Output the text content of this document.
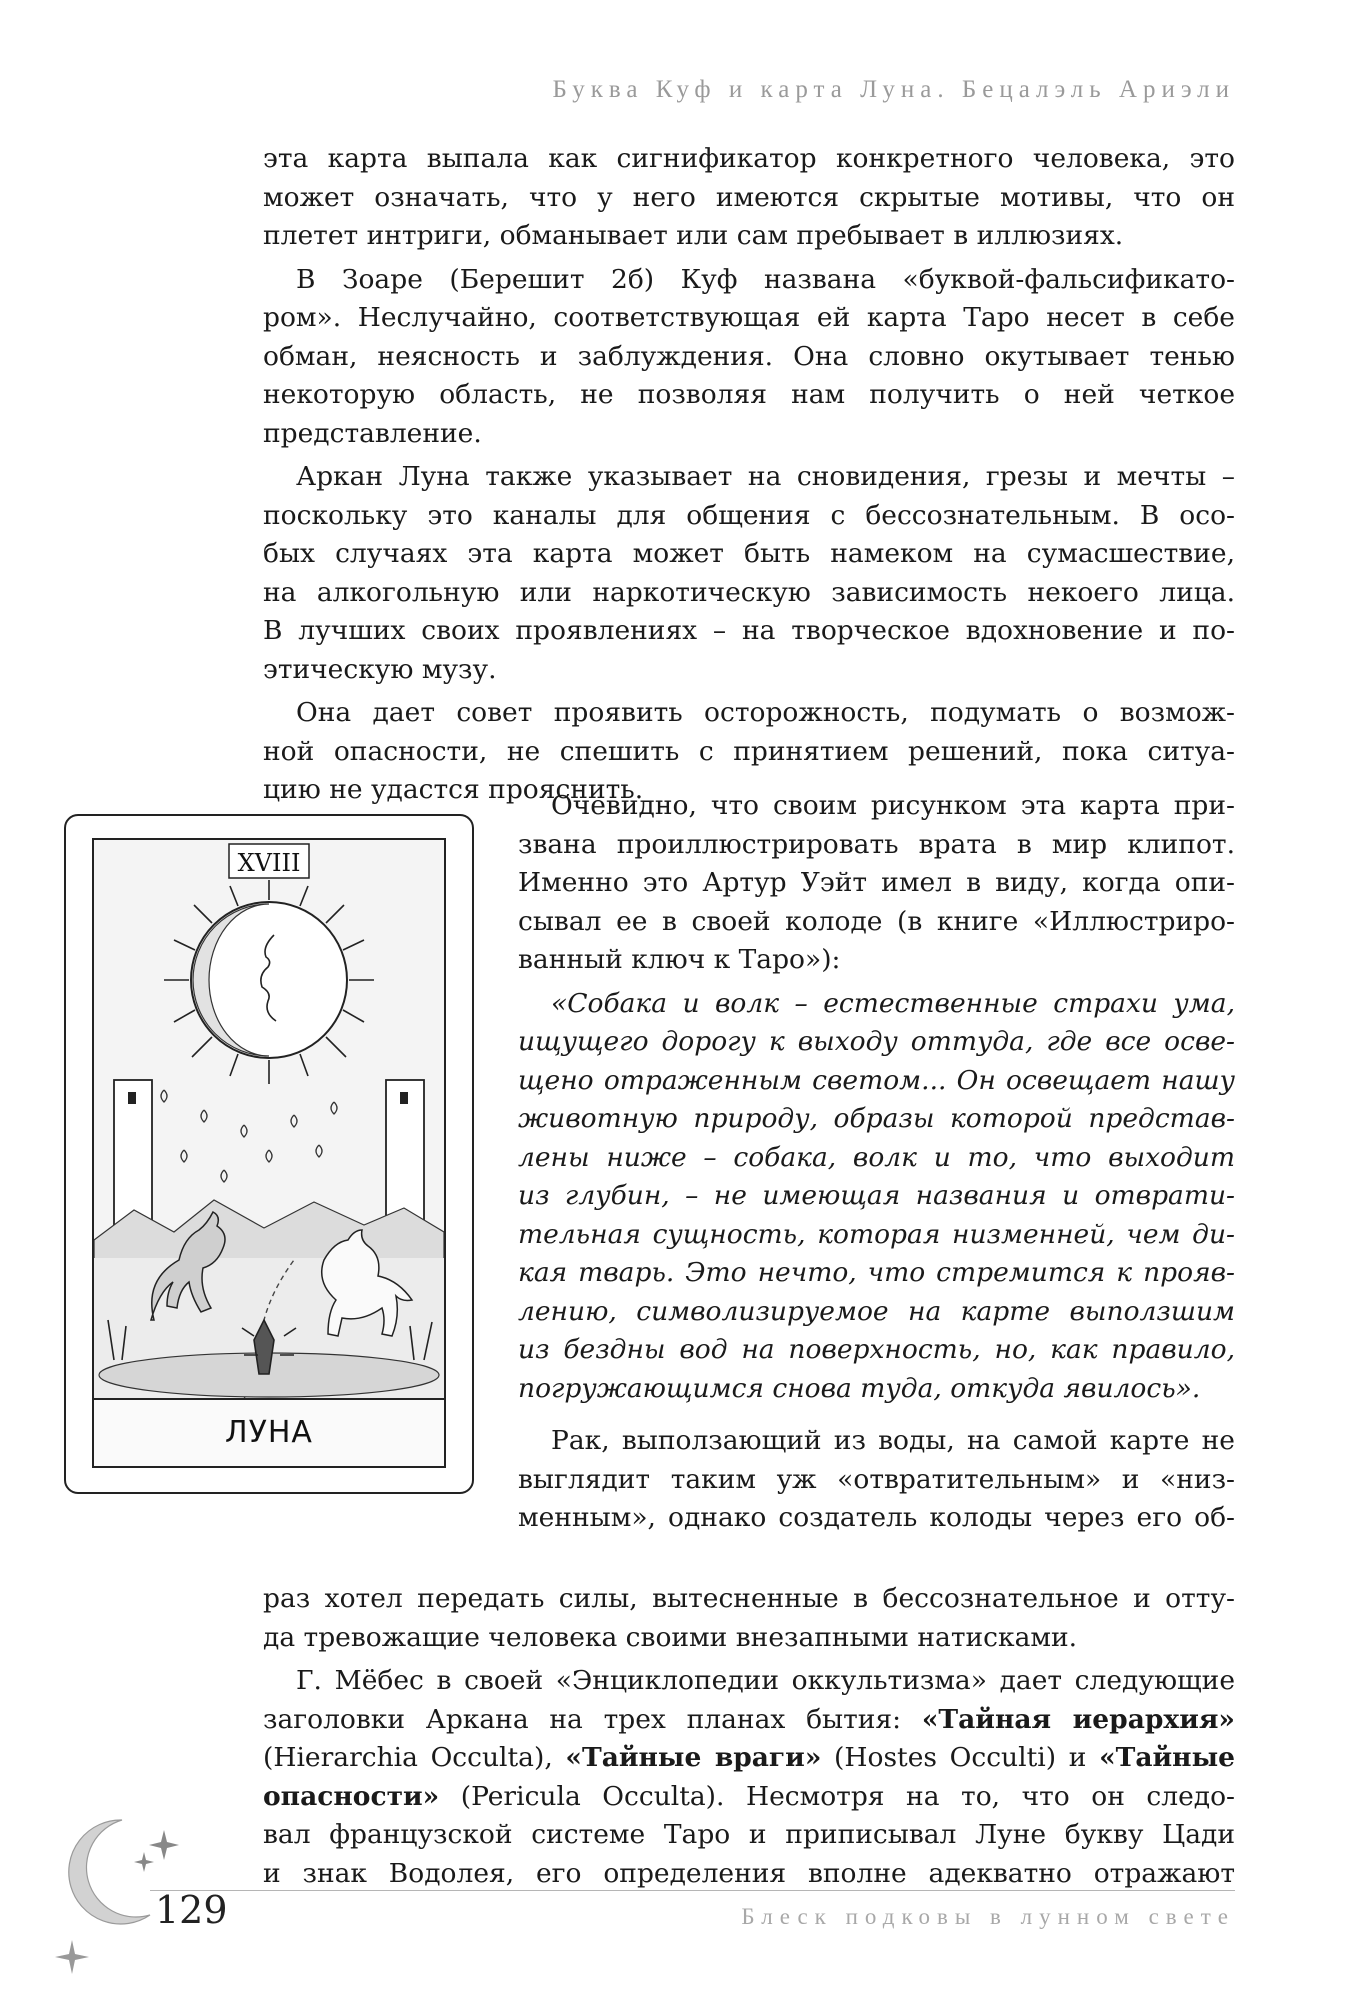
Буква Куф и карта Луна. Бецалэль Ариэли

эта карта выпала как сигнификатор конкретного человека, это
может означать, что у него имеются скрытые мотивы, что он
плетет интриги, обманывает или сам пребывает в иллюзиях.

В Зоаре (Берешит 2б) Куф названа «буквой-фальсификато-
ром». Неслучайно, соответствующая ей карта Таро несет в себе
обман, неясность и заблуждения. Она словно окутывает тенью
некоторую область, не позволяя нам получить о ней четкое
представление.

Аркан Луна также указывает на сновидения, грезы и мечты –
поскольку это каналы для общения с бессознательным. В осо-
бых случаях эта карта может быть намеком на сумасшествие,
на алкогольную или наркотическую зависимость некоего лица.
В лучших своих проявлениях – на творческое вдохновение и по-
этическую музу.

Она дает совет проявить осторожность, подумать о возмож-
ной опасности, не спешить с принятием решений, пока ситуа-
цию не удастся прояснить.

XVIII
ЛУНА

Очевидно, что своим рисунком эта карта при-
звана проиллюстрировать врата в мир клипот.
Именно это Артур Уэйт имел в виду, когда опи-
сывал ее в своей колоде (в книге «Иллюстриро-
ванный ключ к Таро»):

«Собака и волк – естественные страхи ума,
ищущего дорогу к выходу оттуда, где все осве-
щено отраженным светом... Он освещает нашу
животную природу, образы которой представ-
лены ниже – собака, волк и то, что выходит
из глубин, – не имеющая названия и отврати-
тельная сущность, которая низменней, чем ди-
кая тварь. Это нечто, что стремится к прояв-
лению, символизируемое на карте выползшим
из бездны вод на поверхность, но, как правило,
погружающимся снова туда, откуда явилось».

Рак, выползающий из воды, на самой карте не
выглядит таким уж «отвратительным» и «низ-
менным», однако создатель колоды через его об-

раз хотел передать силы, вытесненные в бессознательное и отту-
да тревожащие человека своими внезапными натисками.

Г. Мёбес в своей «Энциклопедии оккультизма» дает следующие
заголовки Аркана на трех планах бытия: «Тайная иерархия»
(Hierarchia Occulta), «Тайные враги» (Hostes Occulti) и «Тайные
опасности» (Pericula Occulta). Несмотря на то, что он следо-
вал французской системе Таро и приписывал Луне букву Цади
и знак Водолея, его определения вполне адекватно отражают

129	Блеск подковы в лунном свете
